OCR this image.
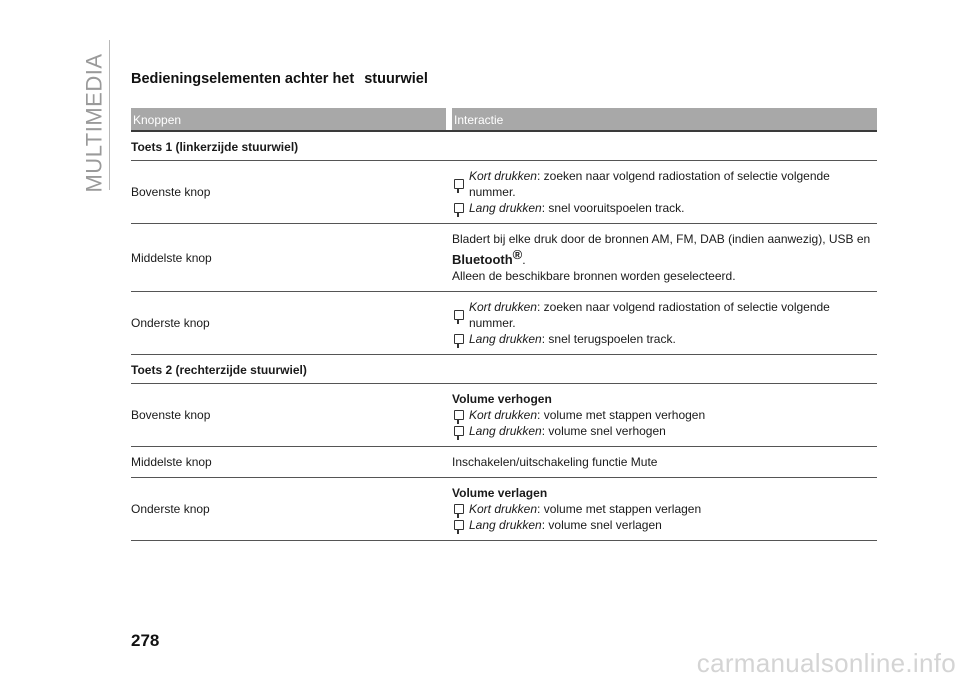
MULTIMEDIA Bedieningselementen achter het stuurwiel
Knoppen	Interactie
Toets 1 (linkerzijde stuurwiel)
Bovenste knop
Kort drukken: zoeken naar volgend radiostation of selectie volgende nummer.
Lang drukken: snel vooruitspoelen track.
Middelste knop
Bladert bij elke druk door de bronnen AM, FM, DAB (indien aanwezig), USB en
Bluetooth®.
Alleen de beschikbare bronnen worden geselecteerd.
Onderste knop
Kort drukken: zoeken naar volgend radiostation of selectie volgende nummer.
Lang drukken: snel terugspoelen track.
Toets 2 (rechterzijde stuurwiel)
Bovenste knop
Volume verhogen
Kort drukken: volume met stappen verhogen
Lang drukken: volume snel verhogen
Middelste knop	Inschakelen/uitschakeling functie Mute
Onderste knop
Volume verlagen
Kort drukken: volume met stappen verlagen
Lang drukken: volume snel verlagen
278
carmanualsonline.info
